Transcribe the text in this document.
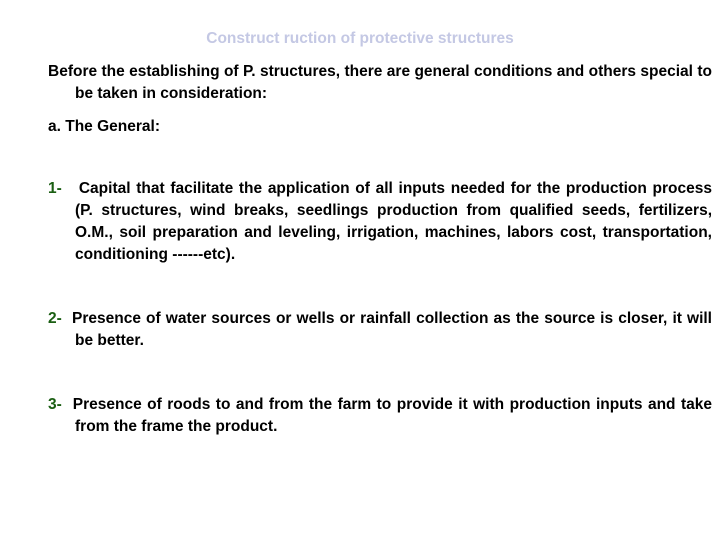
Construct ruction of protective structures
Before the establishing of P. structures, there are general conditions and others special to be taken in consideration:
a. The General:
1- Capital that facilitate the application of all inputs needed for the production process (P. structures, wind breaks, seedlings production from qualified seeds, fertilizers, O.M., soil preparation and leveling, irrigation, machines, labors cost, transportation, conditioning ------etc).
2- Presence of water sources or wells or rainfall collection as the source is closer, it will be better.
3- Presence of roods to and from the farm to provide it with production inputs and take from the frame the product.
